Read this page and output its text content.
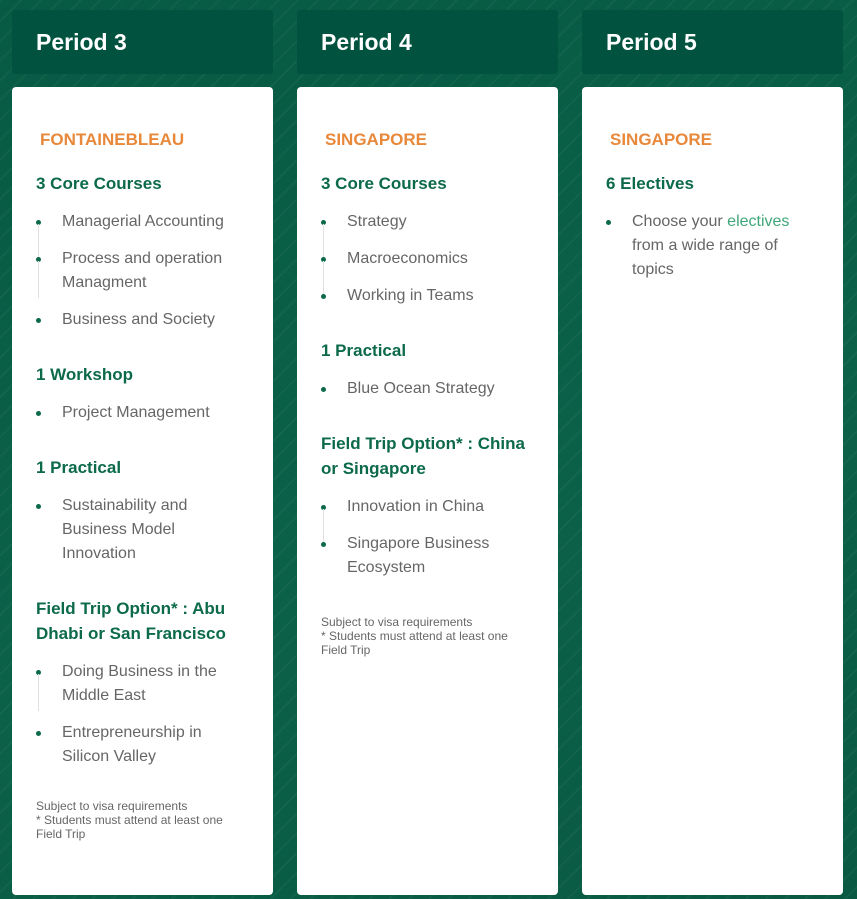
Period 3
FONTAINEBLEAU
3 Core Courses
Managerial Accounting
Process and operation Managment
Business and Society
1 Workshop
Project Management
1 Practical
Sustainability and Business Model Innovation
Field Trip Option* : Abu Dhabi or San Francisco
Doing Business in the Middle East
Entrepreneurship in Silicon Valley
Subject to visa requirements
* Students must attend at least one Field Trip
Period 4
SINGAPORE
3 Core Courses
Strategy
Macroeconomics
Working in Teams
1 Practical
Blue Ocean Strategy
Field Trip Option* : China or Singapore
Innovation in China
Singapore Business Ecosystem
Subject to visa requirements
* Students must attend at least one Field Trip
Period 5
SINGAPORE
6 Electives
Choose your electives from a wide range of topics
